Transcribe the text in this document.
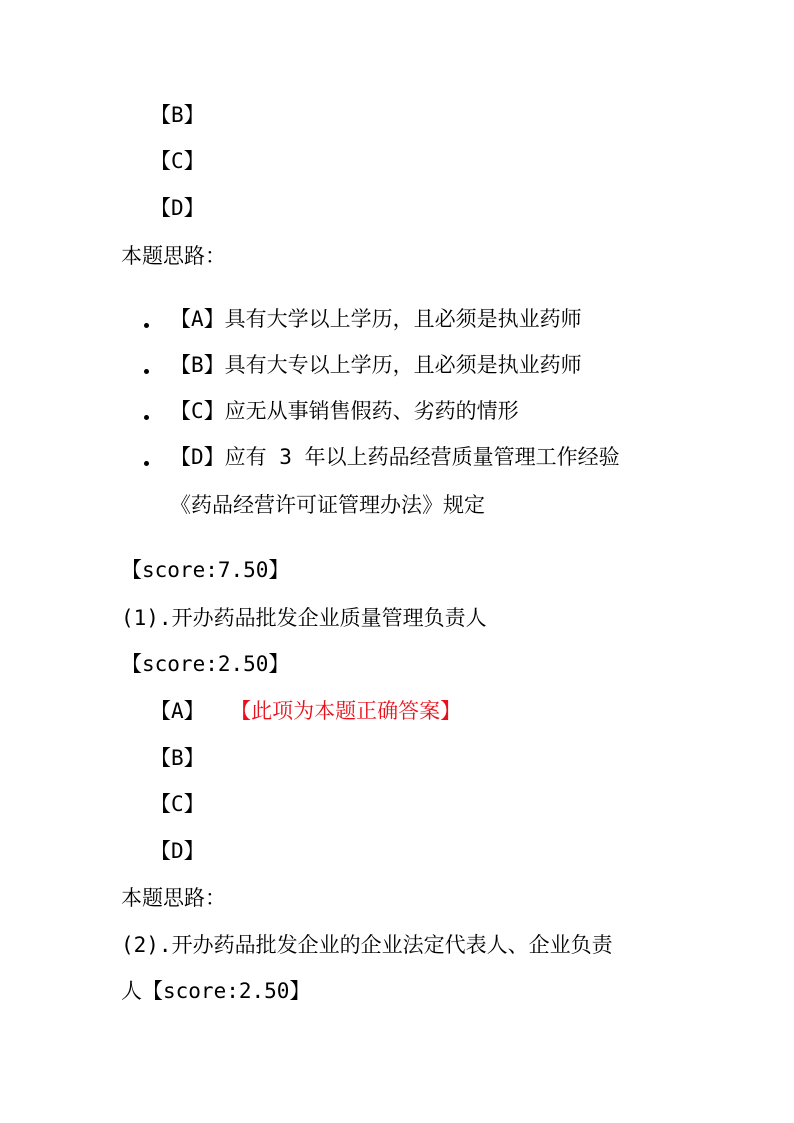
【B】
【C】
【D】
本题思路：
【A】具有大学以上学历，且必须是执业药师
【B】具有大专以上学历，且必须是执业药师
【C】应无从事销售假药、劣药的情形
【D】应有 3 年以上药品经营质量管理工作经验
《药品经营许可证管理办法》规定
【score:7.50】
(1).开办药品批发企业质量管理负责人
【score:2.50】
【A】 【此项为本题正确答案】
【B】
【C】
【D】
本题思路：
(2).开办药品批发企业的企业法定代表人、企业负责
人【score:2.50】
